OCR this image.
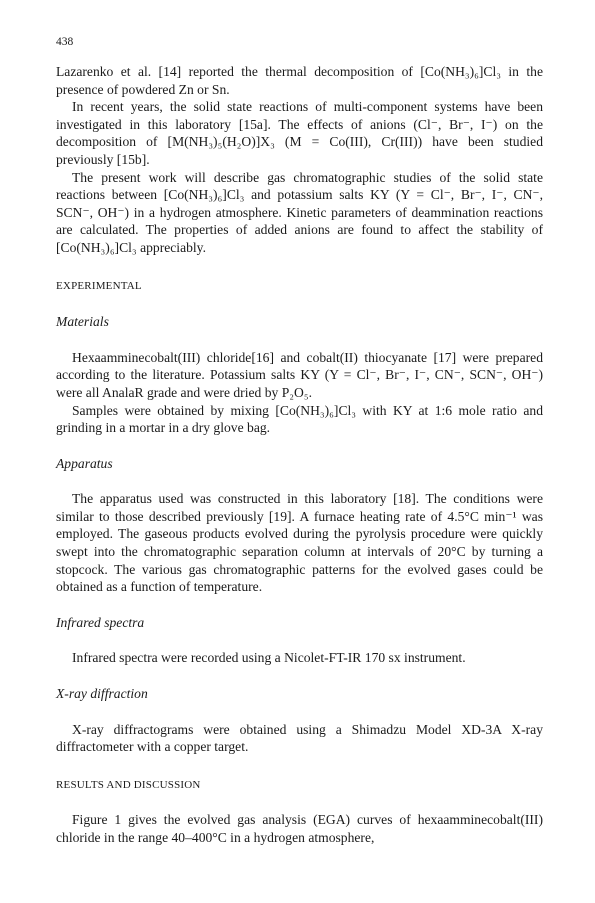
438

Lazarenko et al. [14] reported the thermal decomposition of [Co(NH₃)₆]Cl₃ in the presence of powdered Zn or Sn.

In recent years, the solid state reactions of multi-component systems have been investigated in this laboratory [15a]. The effects of anions (Cl⁻, Br⁻, I⁻) on the decomposition of [M(NH₃)₅(H₂O)]X₃ (M = Co(III), Cr(III)) have been studied previously [15b].

The present work will describe gas chromatographic studies of the solid state reactions between [Co(NH₃)₆]Cl₃ and potassium salts KY (Y = Cl⁻, Br⁻, I⁻, CN⁻, SCN⁻, OH⁻) in a hydrogen atmosphere. Kinetic parameters of deammination reactions are calculated. The properties of added anions are found to affect the stability of [Co(NH₃)₆]Cl₃ appreciably.

EXPERIMENTAL
Materials

Hexaamminecobalt(III) chloride[16] and cobalt(II) thiocyanate [17] were prepared according to the literature. Potassium salts KY (Y = Cl⁻, Br⁻, I⁻, CN⁻, SCN⁻, OH⁻) were all AnalaR grade and were dried by P₂O₅.

Samples were obtained by mixing [Co(NH₃)₆]Cl₃ with KY at 1:6 mole ratio and grinding in a mortar in a dry glove bag.

Apparatus

The apparatus used was constructed in this laboratory [18]. The conditions were similar to those described previously [19]. A furnace heating rate of 4.5°C min⁻¹ was employed. The gaseous products evolved during the pyrolysis procedure were quickly swept into the chromatographic separation column at intervals of 20°C by turning a stopcock. The various gas chromatographic patterns for the evolved gases could be obtained as a function of temperature.

Infrared spectra

Infrared spectra were recorded using a Nicolet-FT-IR 170 sx instrument.

X-ray diffraction

X-ray diffractograms were obtained using a Shimadzu Model XD-3A X-ray diffractometer with a copper target.

RESULTS AND DISCUSSION

Figure 1 gives the evolved gas analysis (EGA) curves of hexaamminecobalt(III) chloride in the range 40–400°C in a hydrogen atmosphere,
